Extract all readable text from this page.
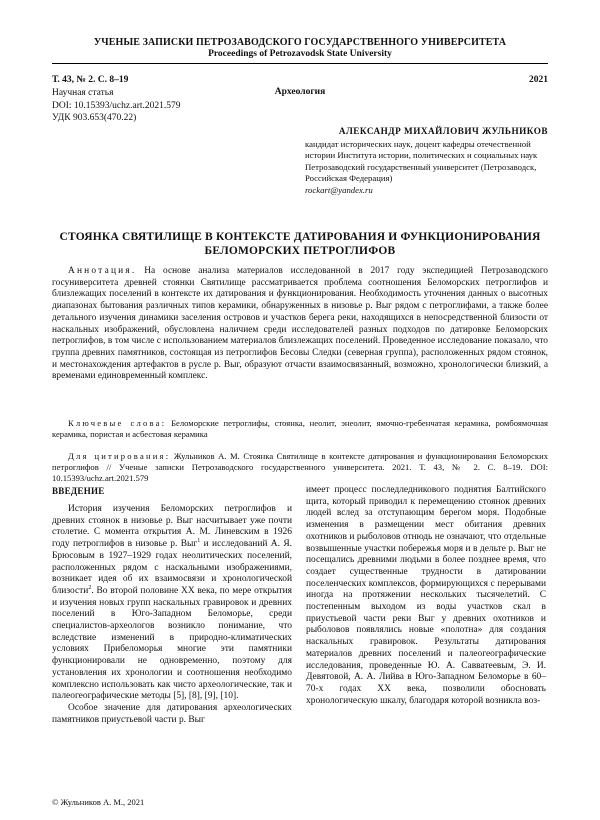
УЧЕНЫЕ ЗАПИСКИ ПЕТРОЗАВОДСКОГО ГОСУДАРСТВЕННОГО УНИВЕРСИТЕТА
Proceedings of Petrozavodsk State University
Т. 43, № 2. С. 8–19	2021
Научная статья
DOI: 10.15393/uchz.art.2021.579
УДК 903.653(470.22)
Археология
АЛЕКСАНДР МИХАЙЛОВИЧ ЖУЛЬНИКОВ
кандидат исторических наук, доцент кафедры отечественной истории Института истории, политических и социальных наук
Петрозаводский государственный университет (Петрозаводск, Российская Федерация)
rockart@yandex.ru
СТОЯНКА СВЯТИЛИЩЕ В КОНТЕКСТЕ ДАТИРОВАНИЯ И ФУНКЦИОНИРОВАНИЯ БЕЛОМОРСКИХ ПЕТРОГЛИФОВ
Аннотация. На основе анализа материалов исследованной в 2017 году экспедицией Петрозаводского госуниверситета древней стоянки Святилище рассматривается проблема соотношения Беломорских петроглифов и близлежащих поселений в контексте их датирования и функционирования. Необходимость уточнения данных о высотных диапазонах бытования различных типов керамики, обнаруженных в низовье р. Выг рядом с петроглифами, а также более детального изучения динамики заселения островов и участков берега реки, находящихся в непосредственной близости от наскальных изображений, обусловлена наличием среди исследователей разных подходов по датировке Беломорских петроглифов, в том числе с использованием материалов близлежащих поселений. Проведенное исследование показало, что группа древних памятников, состоящая из петроглифов Бесовы Следки (северная группа), расположенных рядом стоянок, и местонахождения артефактов в русле р. Выг, образуют отчасти взаимосвязанный, возможно, хронологически близкий, а временами единовременный комплекс.
Ключевые слова: Беломорские петроглифы, стоянка, неолит, энеолит, ямочно-гребенчатая керамика, ромбоямочная керамика, пористая и асбестовая керамика
Для цитирования: Жульников А. М. Стоянка Святилище в контексте датирования и функционирования Беломорских петроглифов // Ученые записки Петрозаводского государственного университета. 2021. Т. 43, № 2. С. 8–19. DOI: 10.15393/uchz.art.2021.579
ВВЕДЕНИЕ

История изучения Беломорских петроглифов и древних стоянок в низовье р. Выг насчитывает уже почти столетие. С момента открытия А. М. Линевским в 1926 году петроглифов в низовье р. Выг$^1$ и исследований А. Я. Брюсовым в 1927–1929 годах неолитических поселений, расположенных рядом с наскальными изображениями, возникает идея об их взаимосвязи и хронологической близости$^2$. Во второй половине XX века, по мере открытия и изучения новых групп наскальных гравировок и древних поселений в Юго-Западном Беломорье, среди специалистов-археологов возникло понимание, что вследствие изменений в природно-климатических условиях Прибеломорья многие эти памятники функционировали не одновременно, поэтому для установления их хронологии и соотношения необходимо комплексно использовать как чисто археологические, так и палеогеографические методы [5], [8], [9], [10].

Особое значение для датирования археологических памятников приустьевой части р. Выг

имеет процесс последледникового поднятия Балтийского щита, который приводил к перемещению стоянок древних людей вслед за отступающим берегом моря. Подобные изменения в размещении мест обитания древних охотников и рыболовов отнюдь не означают, что отдельные возвышенные участки побережья моря и в дельте р. Выг не посещались древними людьми в более позднее время, что создает существенные трудности в датировании поселенческих комплексов, формирующихся с перерывами иногда на протяжении нескольких тысячелетий. С постепенным выходом из воды участков скал в приустьевой части реки Выг у древних охотников и рыболовов появлялись новые «полотна» для создания наскальных гравировок. Результаты датирования материалов древних поселений и палеогеографические исследования, проведенные Ю. А. Савватеевым, Э. И. Девятовой, А. А. Лийва в Юго-Западном Беломорье в 60–70-х годах XX века, позволили обосновать хронологическую шкалу, благодаря которой возникла воз-

© Жульников А. М., 2021
